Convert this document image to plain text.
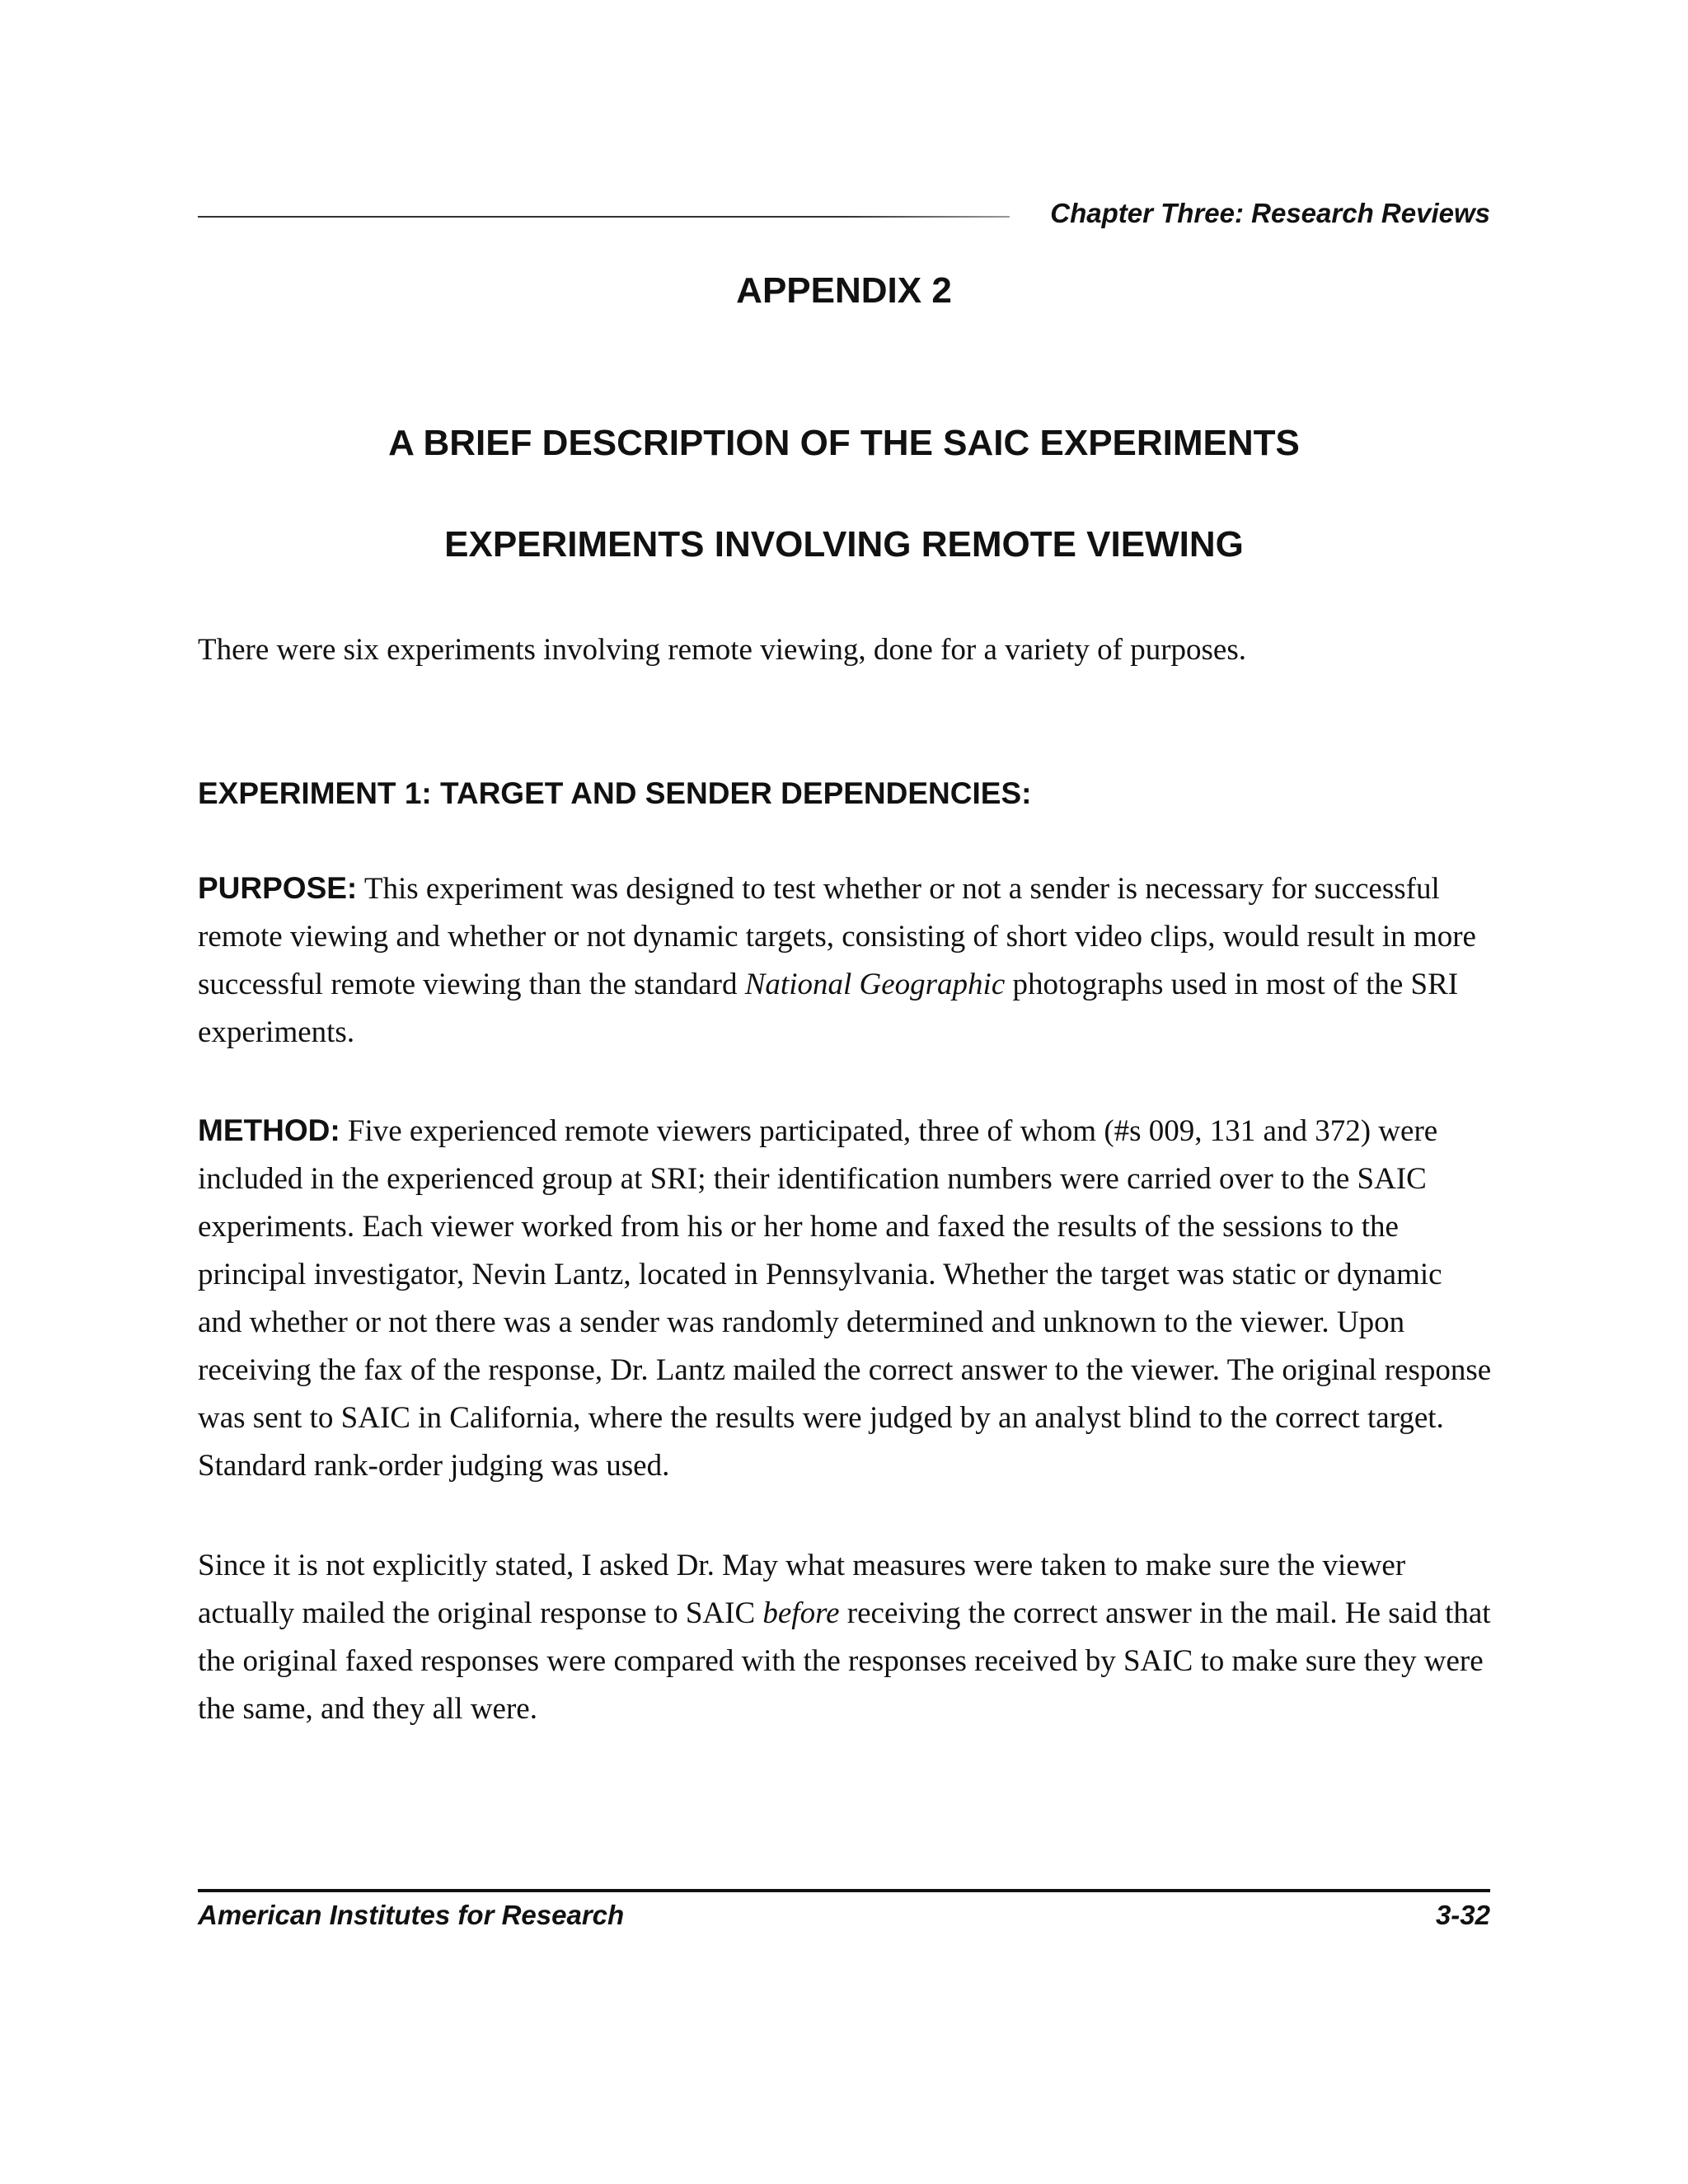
Chapter Three: Research Reviews
APPENDIX 2
A BRIEF DESCRIPTION OF THE SAIC EXPERIMENTS
EXPERIMENTS INVOLVING REMOTE VIEWING

There were six experiments involving remote viewing, done for a variety of purposes.

EXPERIMENT 1: TARGET AND SENDER DEPENDENCIES:

PURPOSE: This experiment was designed to test whether or not a sender is necessary for successful remote viewing and whether or not dynamic targets, consisting of short video clips, would result in more successful remote viewing than the standard National Geographic photographs used in most of the SRI experiments.

METHOD: Five experienced remote viewers participated, three of whom (#s 009, 131 and 372) were included in the experienced group at SRI; their identification numbers were carried over to the SAIC experiments. Each viewer worked from his or her home and faxed the results of the sessions to the principal investigator, Nevin Lantz, located in Pennsylvania. Whether the target was static or dynamic and whether or not there was a sender was randomly determined and unknown to the viewer. Upon receiving the fax of the response, Dr. Lantz mailed the correct answer to the viewer. The original response was sent to SAIC in California, where the results were judged by an analyst blind to the correct target. Standard rank-order judging was used.

Since it is not explicitly stated, I asked Dr. May what measures were taken to make sure the viewer actually mailed the original response to SAIC before receiving the correct answer in the mail. He said that the original faxed responses were compared with the responses received by SAIC to make sure they were the same, and they all were.

American Institutes for Research	3-32
